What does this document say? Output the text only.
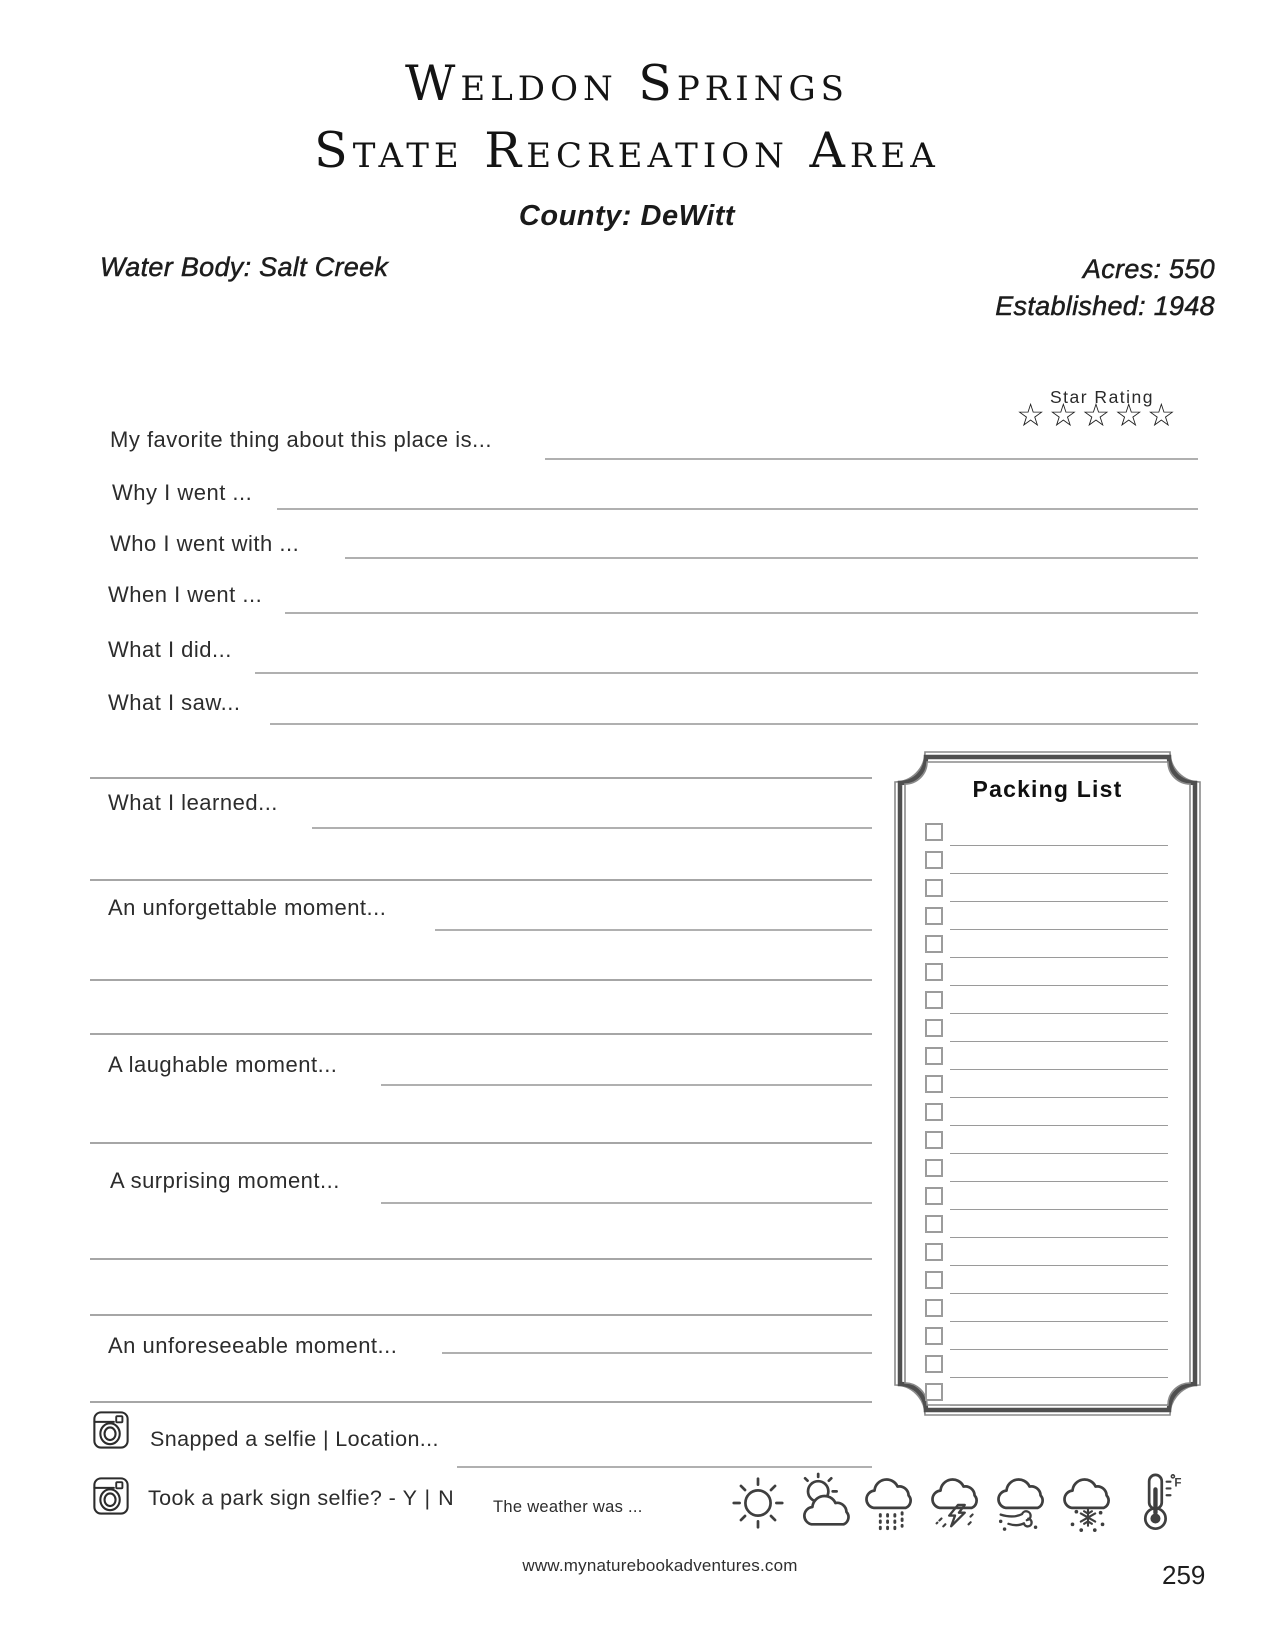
Weldon Springs
State Recreation Area
County: DeWitt
Water Body: Salt Creek	Acres: 550
Established: 1948
Star Rating
☆☆☆☆☆
My favorite thing about this place is...
Why I went ...
Who I went with ...
When I went ...
What I did...
What I saw...
What I learned...
An unforgettable moment...
A laughable moment...
A surprising moment...
An unforeseeable moment...
Packing List
Snapped a selfie | Location...
Took a park sign selfie? - Y | N The weather was ...
F
www.mynaturebookadventures.com	259
